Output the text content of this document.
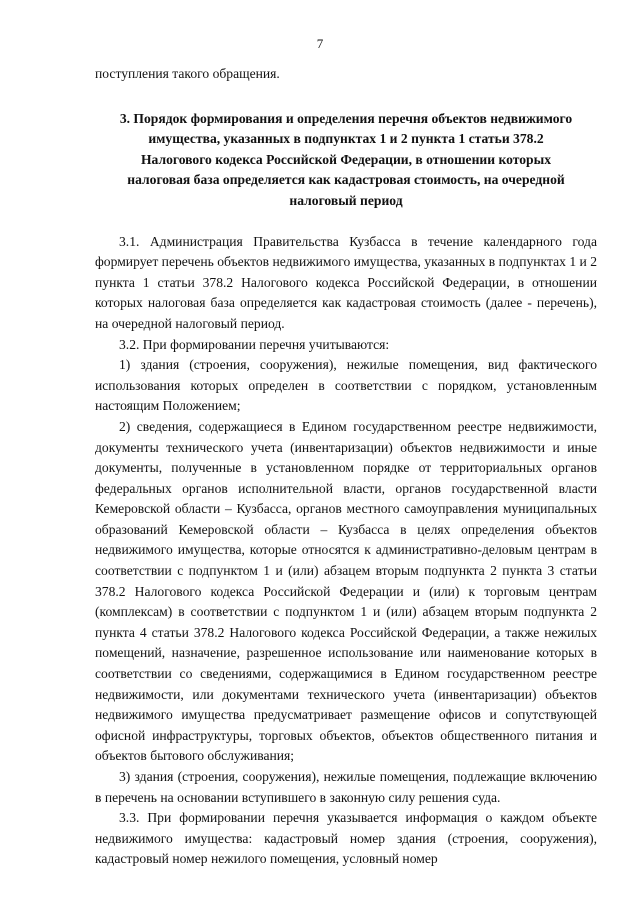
7

поступления такого обращения.

3. Порядок формирования и определения перечня объектов недвижимого имущества, указанных в подпунктах 1 и 2 пункта 1 статьи 378.2 Налогового кодекса Российской Федерации, в отношении которых налоговая база определяется как кадастровая стоимость, на очередной налоговый период

3.1. Администрация Правительства Кузбасса в течение календарного года формирует перечень объектов недвижимого имущества, указанных в подпунктах 1 и 2 пункта 1 статьи 378.2 Налогового кодекса Российской Федерации, в отношении которых налоговая база определяется как кадастровая стоимость (далее - перечень), на очередной налоговый период.

3.2. При формировании перечня учитываются:

1) здания (строения, сооружения), нежилые помещения, вид фактического использования которых определен в соответствии с порядком, установленным настоящим Положением;

2) сведения, содержащиеся в Едином государственном реестре недвижимости, документы технического учета (инвентаризации) объектов недвижимости и иные документы, полученные в установленном порядке от территориальных органов федеральных органов исполнительной власти, органов государственной власти Кемеровской области – Кузбасса, органов местного самоуправления муниципальных образований Кемеровской области – Кузбасса в целях определения объектов недвижимого имущества, которые относятся к административно-деловым центрам в соответствии с подпунктом 1 и (или) абзацем вторым подпункта 2 пункта 3 статьи 378.2 Налогового кодекса Российской Федерации и (или) к торговым центрам (комплексам) в соответствии с подпунктом 1 и (или) абзацем вторым подпункта 2 пункта 4 статьи 378.2 Налогового кодекса Российской Федерации, а также нежилых помещений, назначение, разрешенное использование или наименование которых в соответствии со сведениями, содержащимися в Едином государственном реестре недвижимости, или документами технического учета (инвентаризации) объектов недвижимого имущества предусматривает размещение офисов и сопутствующей офисной инфраструктуры, торговых объектов, объектов общественного питания и объектов бытового обслуживания;

3) здания (строения, сооружения), нежилые помещения, подлежащие включению в перечень на основании вступившего в законную силу решения суда.

3.3. При формировании перечня указывается информация о каждом объекте недвижимого имущества: кадастровый номер здания (строения, сооружения), кадастровый номер нежилого помещения, условный номер
